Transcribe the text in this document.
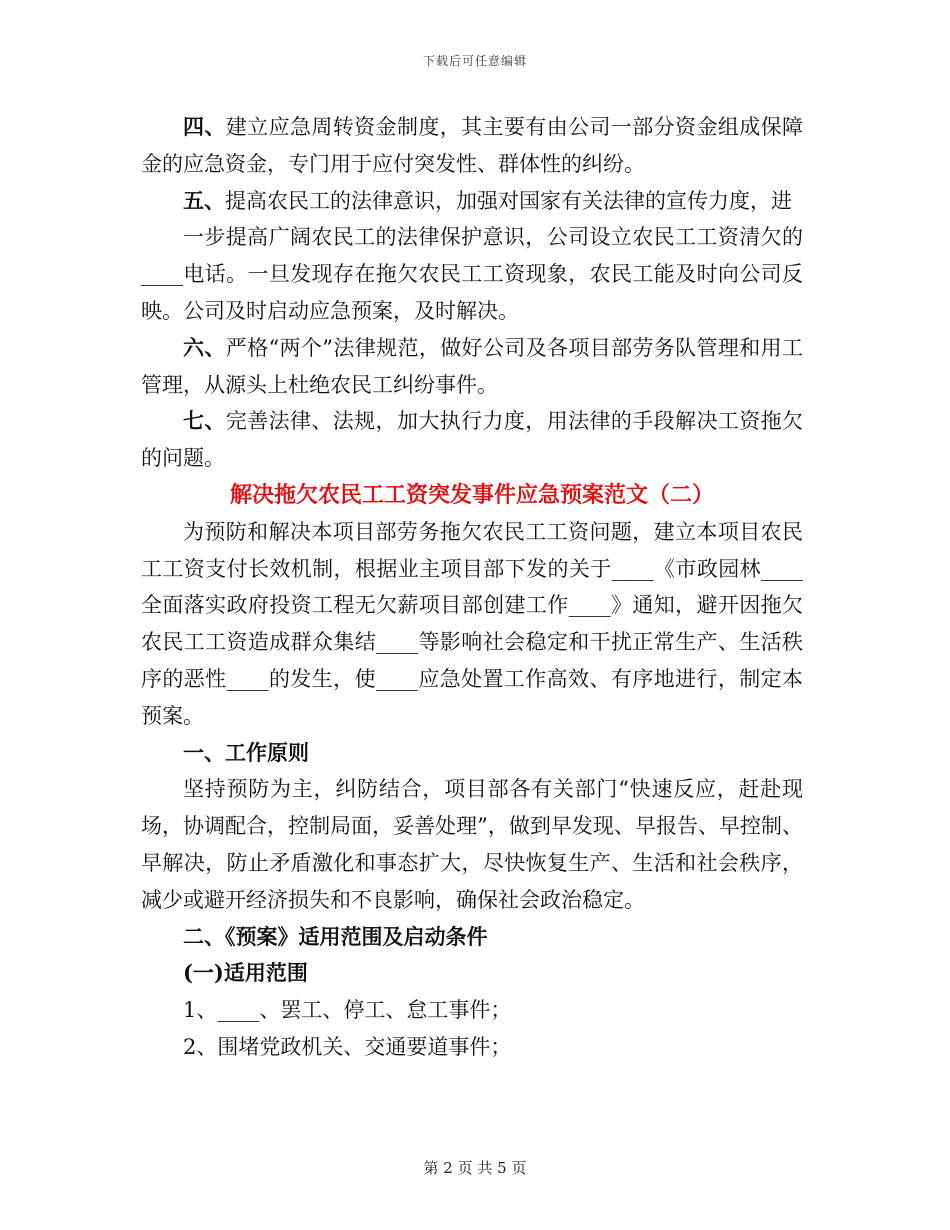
下载后可任意编辑

四、建立应急周转资金制度，其主要有由公司一部分资金组成保障金的应急资金，专门用于应付突发性、群体性的纠纷。

五、提高农民工的法律意识，加强对国家有关法律的宣传力度，进

一步提高广阔农民工的法律保护意识，公司设立农民工工资清欠的____电话。一旦发现存在拖欠农民工工资现象，农民工能及时向公司反映。公司及时启动应急预案，及时解决。

六、严格“两个”法律规范，做好公司及各项目部劳务队管理和用工管理，从源头上杜绝农民工纠纷事件。

七、完善法律、法规，加大执行力度，用法律的手段解决工资拖欠的问题。

解决拖欠农民工工资突发事件应急预案范文（二）

为预防和解决本项目部劳务拖欠农民工工资问题，建立本项目农民工工资支付长效机制，根据业主项目部下发的关于____《市政园林____全面落实政府投资工程无欠薪项目部创建工作____》通知，避开因拖欠农民工工资造成群众集结____等影响社会稳定和干扰正常生产、生活秩序的恶性____的发生，使____应急处置工作高效、有序地进行，制定本预案。

一、工作原则

坚持预防为主，纠防结合，项目部各有关部门“快速反应，赶赴现场，协调配合，控制局面，妥善处理”，做到早发现、早报告、早控制、早解决，防止矛盾激化和事态扩大，尽快恢复生产、生活和社会秩序，减少或避开经济损失和不良影响，确保社会政治稳定。

二、《预案》适用范围及启动条件

(一)适用范围

1、____、罢工、停工、怠工事件；

2、围堵党政机关、交通要道事件；

第 2 页 共 5 页
